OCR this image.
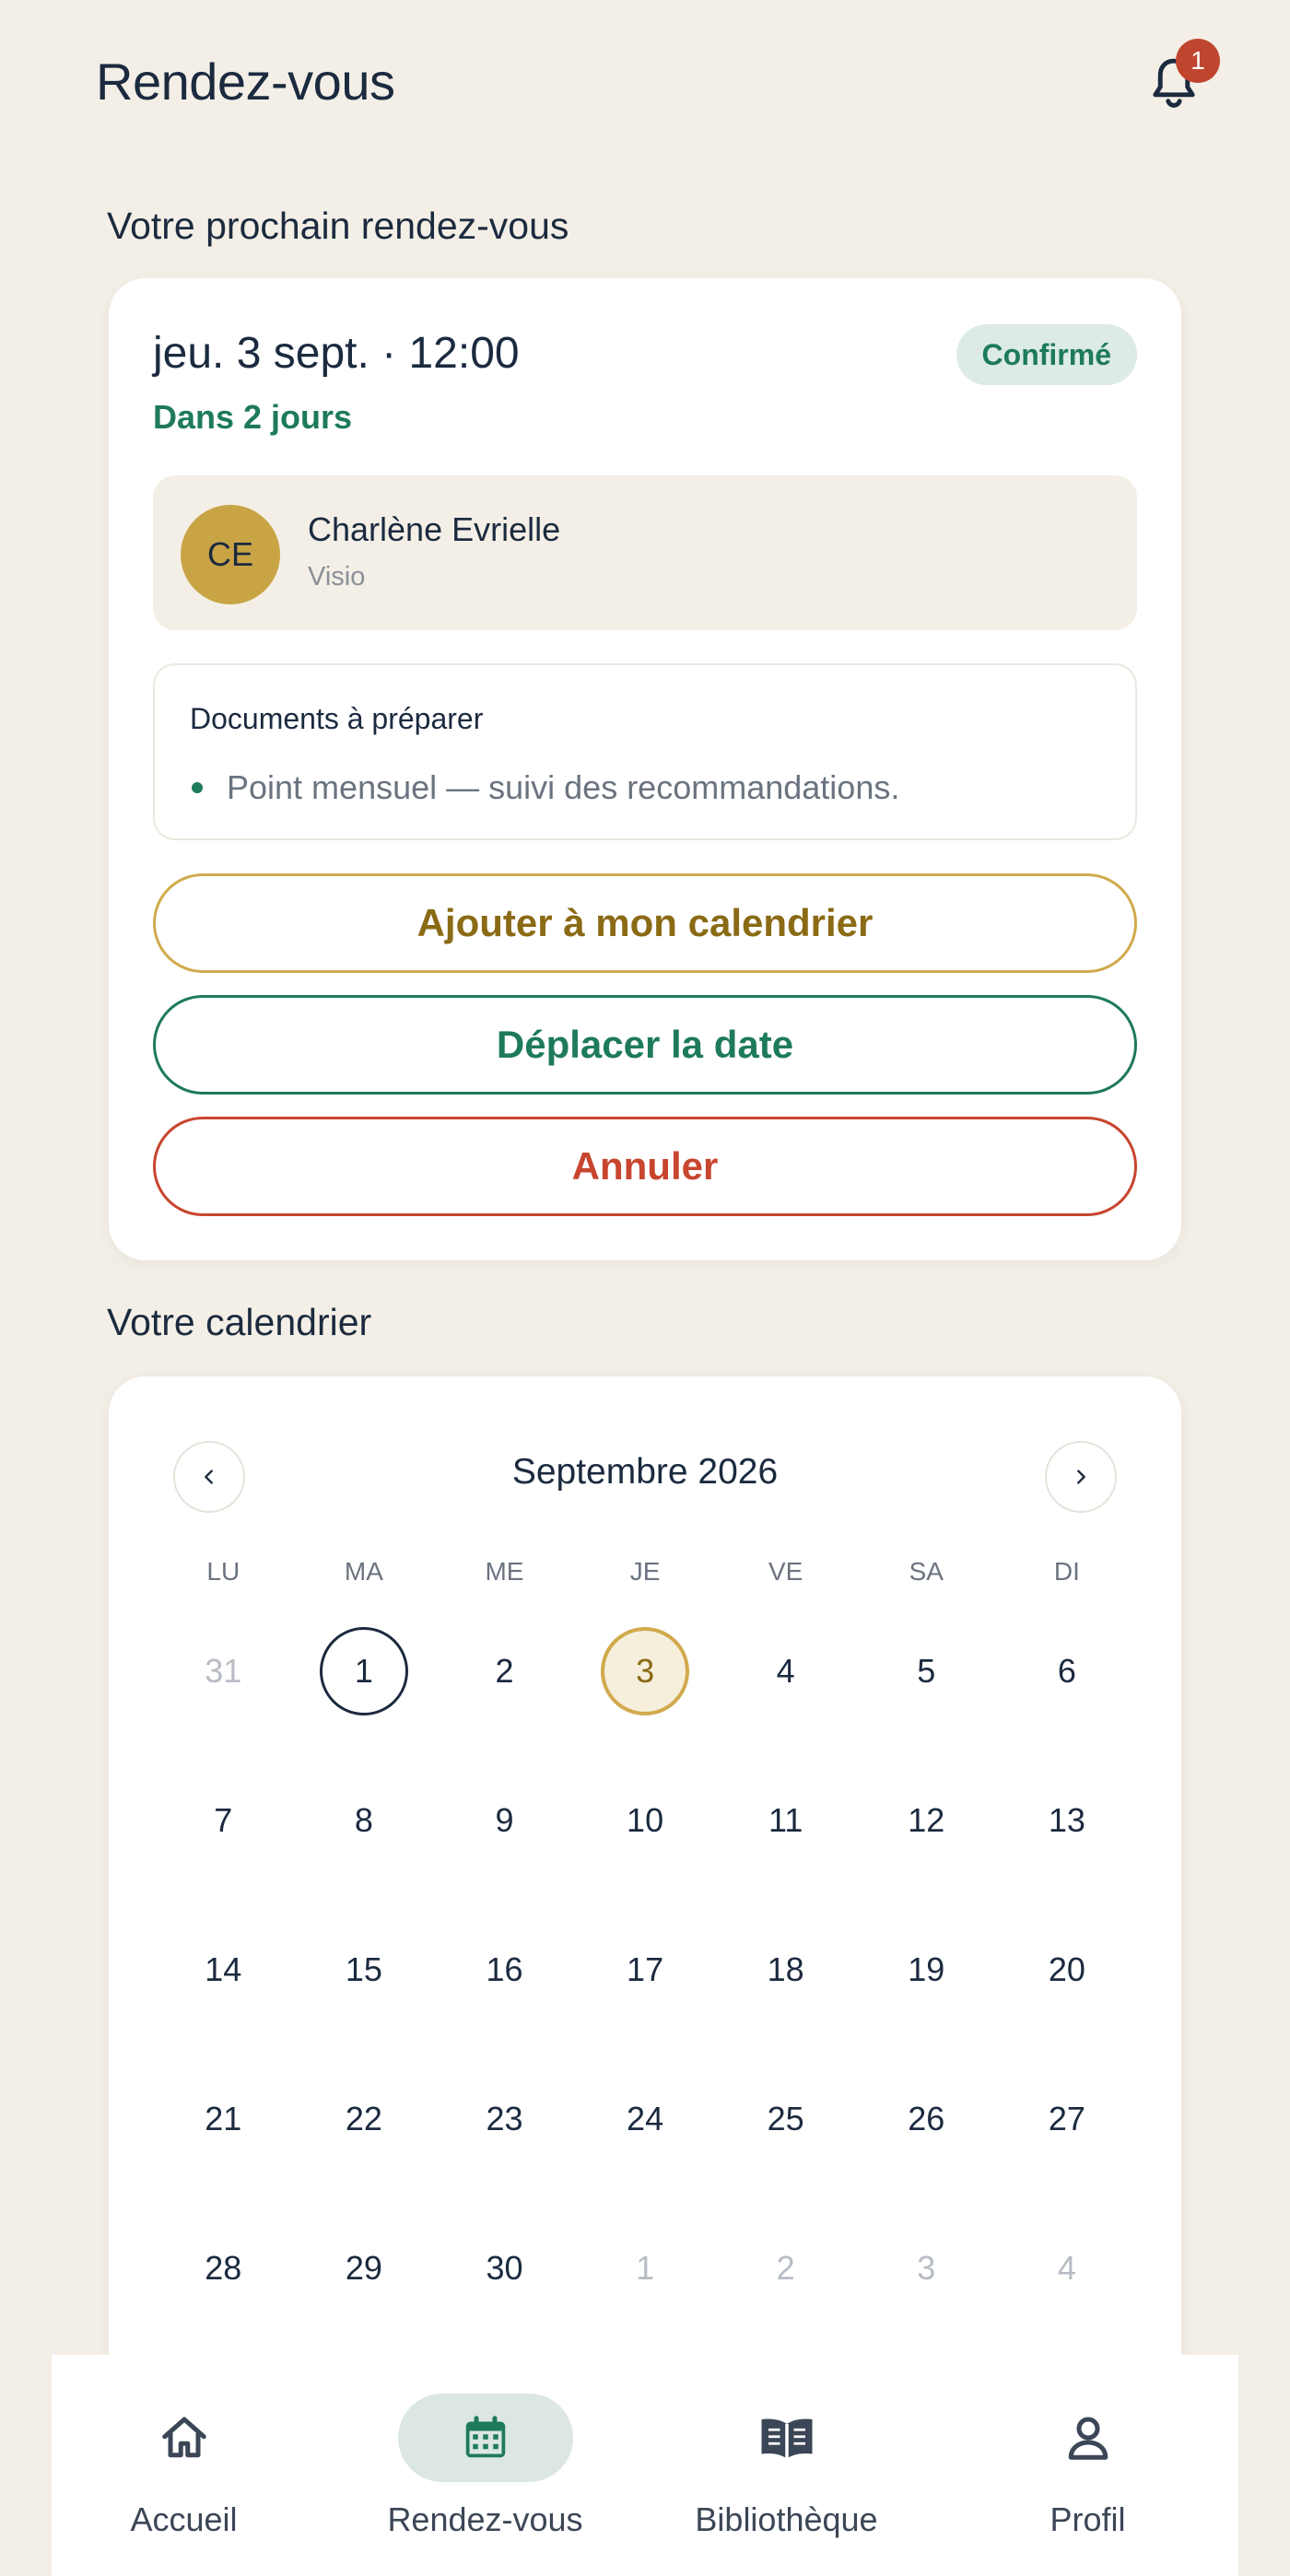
Rendez-vous	1
Votre prochain rendez-vous
jeu. 3 sept. · 12:00	Confirmé
Dans 2 jours
CE
Charlène Evrielle
Visio
Documents à préparer
Point mensuel — suivi des recommandations.
Ajouter à mon calendrier
Déplacer la date
Annuler
Votre calendrier
Septembre 2026
LU	MA	ME	JE	VE	SA	DI
31	1	2	3	4	5	6
7	8	9	10	11	12	13
14	15	16	17	18	19	20
21	22	23	24	25	26	27
28	29	30	1	2	3	4
Accueil	Rendez-vous	Bibliothèque	Profil
